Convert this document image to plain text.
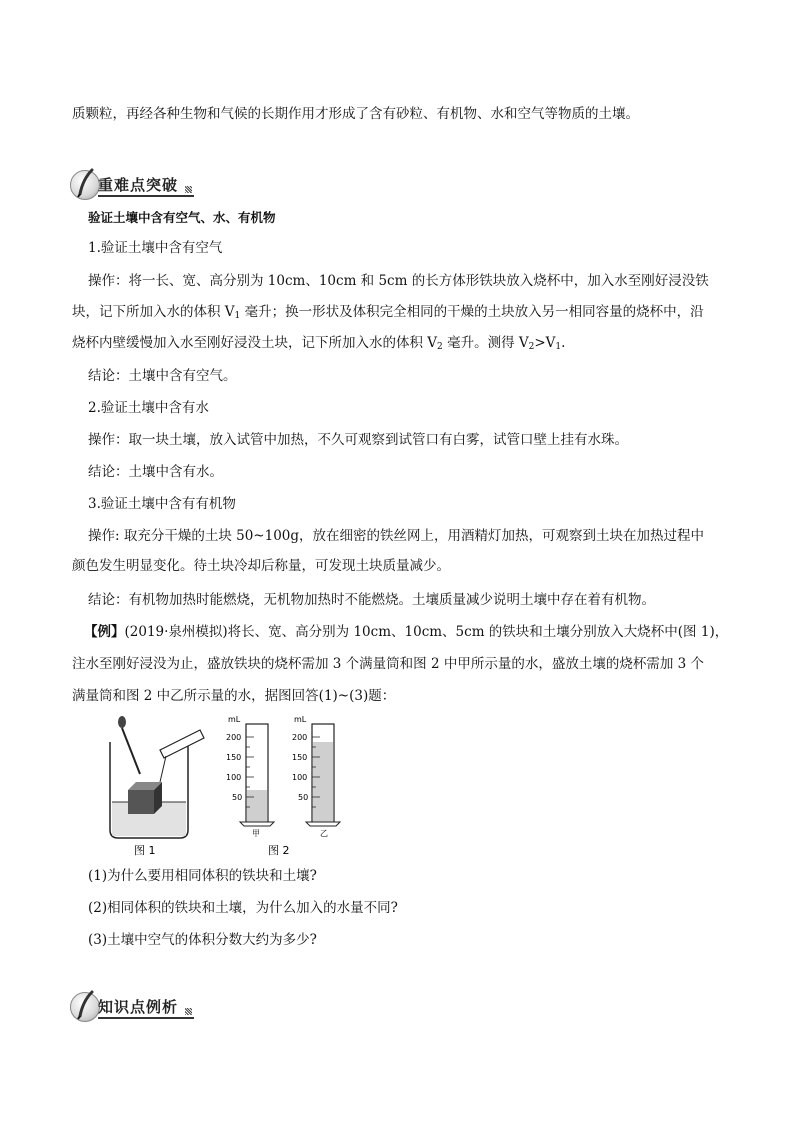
质颗粒，再经各种生物和气候的长期作用才形成了含有砂粒、有机物、水和空气等物质的土壤。
重难点突破
验证土壤中含有空气、水、有机物
1.验证土壤中含有空气
操作：将一长、宽、高分别为 10cm、10cm 和 5cm 的长方体形铁块放入烧杯中，加入水至刚好浸没铁
块，记下所加入水的体积 $V_1$ 毫升；换一形状及体积完全相同的干燥的土块放入另一相同容量的烧杯中，沿
烧杯内壁缓慢加入水至刚好浸没土块，记下所加入水的体积 $V_2$ 毫升。测得 $V_2>V_1$.
结论：土壤中含有空气。
2.验证土壤中含有水
操作：取一块土壤，放入试管中加热，不久可观察到试管口有白雾，试管口壁上挂有水珠。
结论：土壤中含有水。
3.验证土壤中含有有机物
操作: 取充分干燥的土块 50~100g，放在细密的铁丝网上，用酒精灯加热，可观察到土块在加热过程中
颜色发生明显变化。待土块冷却后称量，可发现土块质量减少。
结论：有机物加热时能燃烧，无机物加热时不能燃烧。土壤质量减少说明土壤中存在着有机物。
【例】(2019·泉州模拟)将长、宽、高分别为 10cm、10cm、5cm 的铁块和土壤分别放入大烧杯中(图 1)，
注水至刚好浸没为止，盛放铁块的烧杯需加 3 个满量筒和图 2 中甲所示量的水，盛放土壤的烧杯需加 3 个
满量筒和图 2 中乙所示量的水，据图回答(1)~(3)题：
图 1
mL
200
150
100
50
甲
mL
200
150
100
50
乙
图 2
(1)为什么要用相同体积的铁块和土壤?
(2)相同体积的铁块和土壤，为什么加入的水量不同?
(3)土壤中空气的体积分数大约为多少?
知识点例析
